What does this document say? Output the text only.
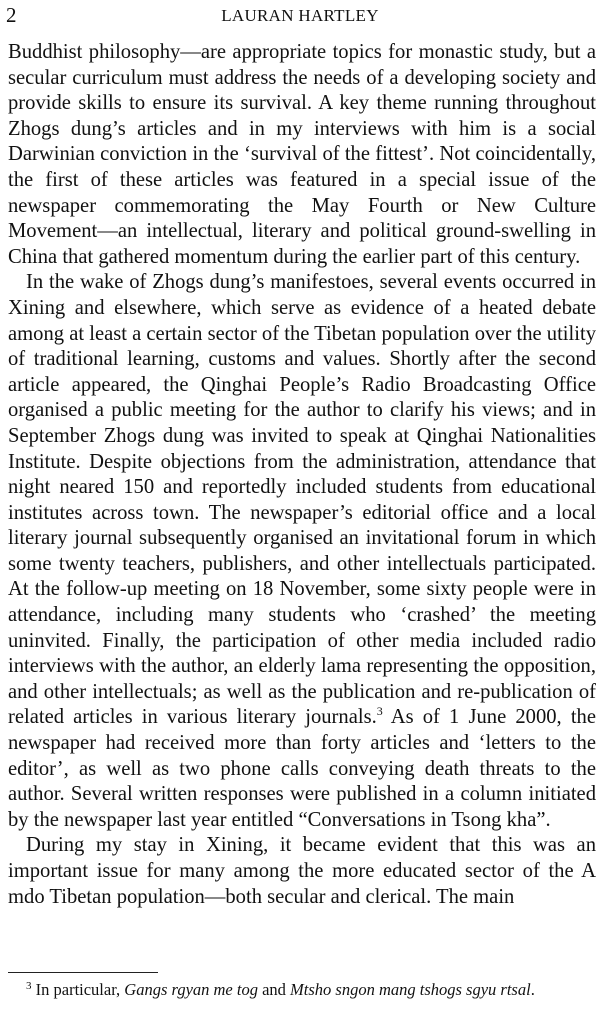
2	LAURAN HARTLEY

Buddhist philosophy—are appropriate topics for monastic study, but a secular curriculum must address the needs of a developing society and provide skills to ensure its survival. A key theme running throughout Zhogs dung’s articles and in my interviews with him is a social Darwinian conviction in the ‘survival of the fittest’. Not coincidentally, the first of these articles was featured in a special issue of the newspaper commemorating the May Fourth or New Culture Movement—an intellectual, literary and political ground-swelling in China that gathered momentum during the earlier part of this century.

In the wake of Zhogs dung’s manifestoes, several events occurred in Xining and elsewhere, which serve as evidence of a heated debate among at least a certain sector of the Tibetan population over the utility of traditional learning, customs and values. Shortly after the second article appeared, the Qinghai People’s Radio Broadcasting Office organised a public meeting for the author to clarify his views; and in September Zhogs dung was invited to speak at Qinghai Nationalities Institute. Despite objections from the administration, attendance that night neared 150 and reportedly included students from educational institutes across town. The newspaper’s editorial office and a local literary journal subsequently organised an invitational forum in which some twenty teachers, publishers, and other intellectuals participated. At the follow-up meeting on 18 November, some sixty people were in attendance, including many students who ‘crashed’ the meeting uninvited. Finally, the participation of other media included radio interviews with the author, an elderly lama representing the opposition, and other intellectuals; as well as the publication and re-publication of related articles in various literary journals.$^3$ As of 1 June 2000, the newspaper had received more than forty articles and ‘letters to the editor’, as well as two phone calls conveying death threats to the author. Several written responses were published in a column initiated by the newspaper last year entitled “Conversations in Tsong kha”.

During my stay in Xining, it became evident that this was an important issue for many among the more educated sector of the A mdo Tibetan population—both secular and clerical. The main

$^3$ In particular, Gangs rgyan me tog and Mtsho sngon mang tshogs sgyu rtsal.
